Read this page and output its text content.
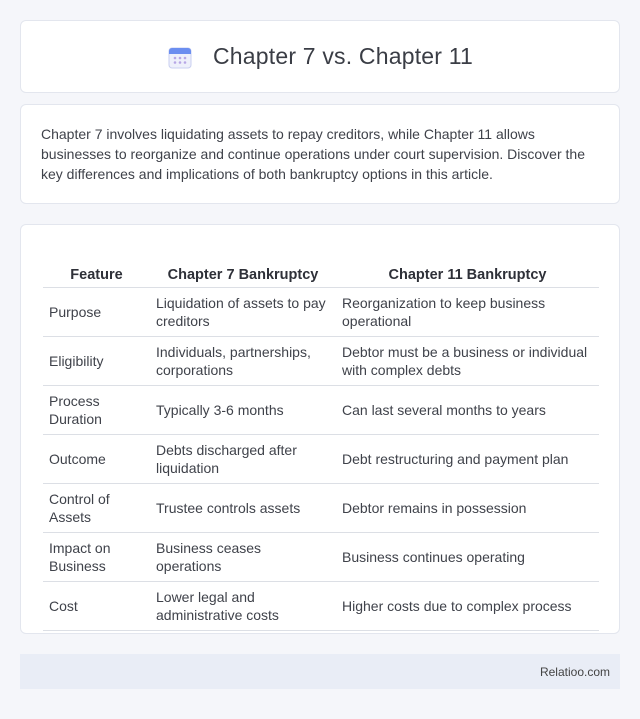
Chapter 7 vs. Chapter 11

Chapter 7 involves liquidating assets to repay creditors, while Chapter 11 allows businesses to reorganize and continue operations under court supervision. Discover the key differences and implications of both bankruptcy options in this article.

Feature	Chapter 7 Bankruptcy	Chapter 11 Bankruptcy
Purpose	Liquidation of assets to pay creditors	Reorganization to keep business operational
Eligibility	Individuals, partnerships, corporations	Debtor must be a business or individual with complex debts
Process Duration	Typically 3-6 months	Can last several months to years
Outcome	Debts discharged after liquidation	Debt restructuring and payment plan
Control of Assets	Trustee controls assets	Debtor remains in possession
Impact on Business	Business ceases operations	Business continues operating
Cost	Lower legal and administrative costs	Higher costs due to complex process
Relatioo.com
